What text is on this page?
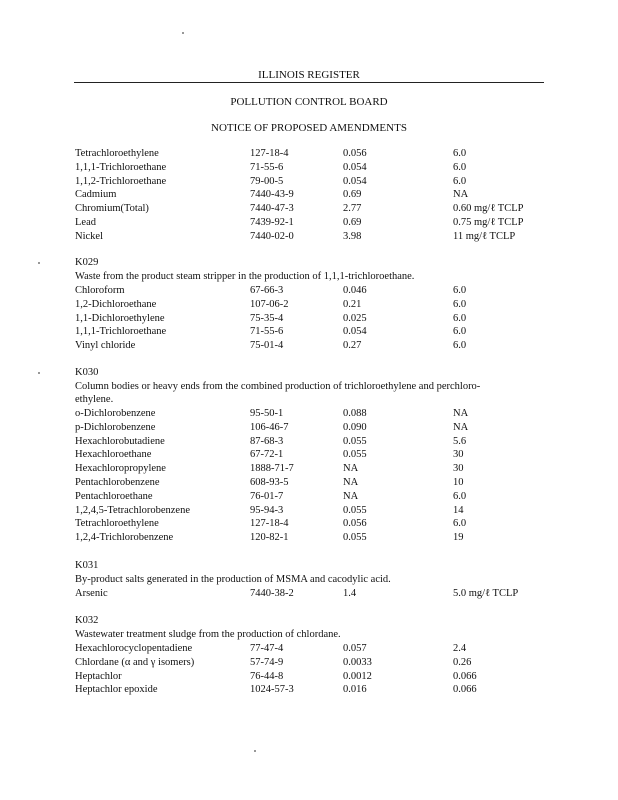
ILLINOIS REGISTER
POLLUTION CONTROL BOARD
NOTICE OF PROPOSED AMENDMENTS
Tetrachloroethylene	127-18-4	0.056	6.0
1,1,1-Trichloroethane	71-55-6	0.054	6.0
1,1,2-Trichloroethane	79-00-5	0.054	6.0
Cadmium	7440-43-9	0.69	NA
Chromium(Total)	7440-47-3	2.77	0.60 mg/ℓ TCLP
Lead	7439-92-1	0.69	0.75 mg/ℓ TCLP
Nickel	7440-02-0	3.98	11 mg/ℓ TCLP
K029
Waste from the product steam stripper in the production of 1,1,1-trichloroethane.
Chloroform	67-66-3	0.046	6.0
1,2-Dichloroethane	107-06-2	0.21	6.0
1,1-Dichloroethylene	75-35-4	0.025	6.0
1,1,1-Trichloroethane	71-55-6	0.054	6.0
Vinyl chloride	75-01-4	0.27	6.0
K030
Column bodies or heavy ends from the combined production of trichloroethylene and perchloro-
ethylene.
o-Dichlorobenzene	95-50-1	0.088	NA
p-Dichlorobenzene	106-46-7	0.090	NA
Hexachlorobutadiene	87-68-3	0.055	5.6
Hexachloroethane	67-72-1	0.055	30
Hexachloropropylene	1888-71-7	NA	30
Pentachlorobenzene	608-93-5	NA	10
Pentachloroethane	76-01-7	NA	6.0
1,2,4,5-Tetrachlorobenzene	95-94-3	0.055	14
Tetrachloroethylene	127-18-4	0.056	6.0
1,2,4-Trichlorobenzene	120-82-1	0.055	19
K031
By-product salts generated in the production of MSMA and cacodylic acid.
Arsenic	7440-38-2	1.4	5.0 mg/ℓ TCLP
K032
Wastewater treatment sludge from the production of chlordane.
Hexachlorocyclopentadiene	77-47-4	0.057	2.4
Chlordane (α and γ isomers)	57-74-9	0.0033	0.26
Heptachlor	76-44-8	0.0012	0.066
Heptachlor epoxide	1024-57-3	0.016	0.066
